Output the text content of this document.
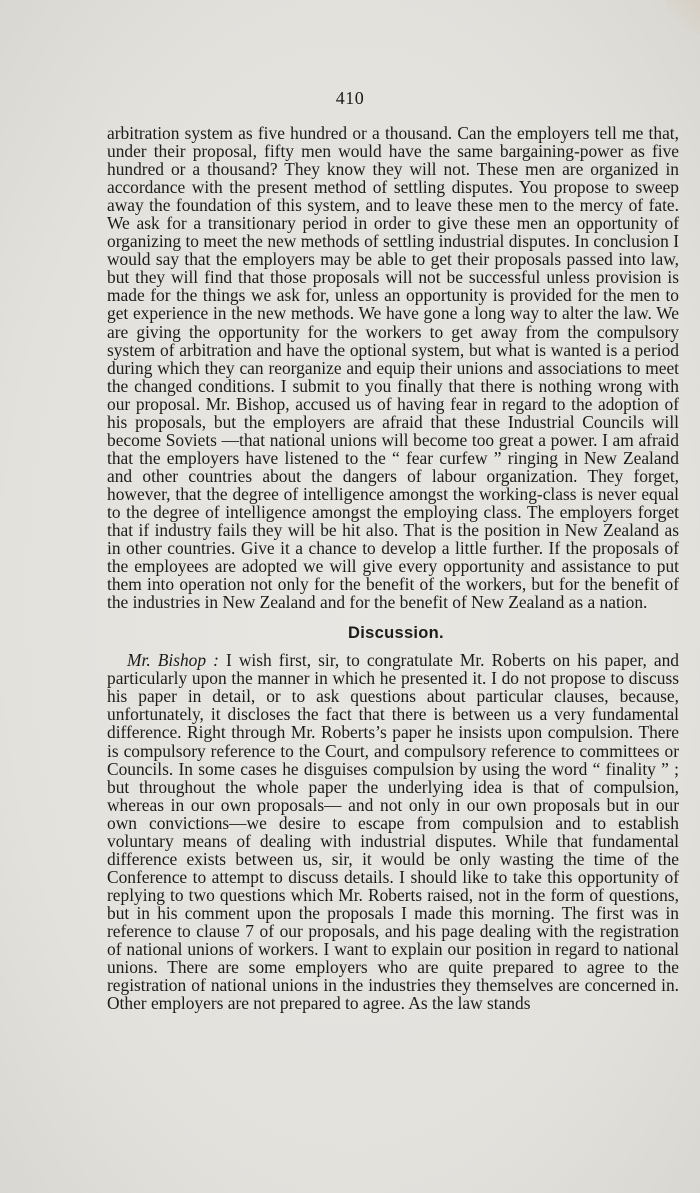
410

arbitration system as five hundred or a thousand. Can the employers tell me that, under their proposal, fifty men would have the same bargaining-power as five hundred or a thousand? They know they will not. These men are organized in accordance with the present method of settling disputes. You propose to sweep away the foundation of this system, and to leave these men to the mercy of fate. We ask for a transitionary period in order to give these men an opportunity of organizing to meet the new methods of settling industrial disputes. In conclusion I would say that the employers may be able to get their proposals passed into law, but they will find that those proposals will not be successful unless provision is made for the things we ask for, unless an opportunity is provided for the men to get experience in the new methods. We have gone a long way to alter the law. We are giving the opportunity for the workers to get away from the compulsory system of arbitration and have the optional system, but what is wanted is a period during which they can reorganize and equip their unions and associations to meet the changed conditions. I submit to you finally that there is nothing wrong with our proposal. Mr. Bishop, accused us of having fear in regard to the adoption of his proposals, but the employers are afraid that these Industrial Councils will become Soviets —that national unions will become too great a power. I am afraid that the employers have listened to the “ fear curfew ” ringing in New Zealand and other countries about the dangers of labour organization. They forget, however, that the degree of intelligence amongst the working-class is never equal to the degree of intelligence amongst the employing class. The employers forget that if industry fails they will be hit also. That is the position in New Zealand as in other countries. Give it a chance to develop a little further. If the proposals of the employees are adopted we will give every opportunity and assistance to put them into operation not only for the benefit of the workers, but for the benefit of the industries in New Zealand and for the benefit of New Zealand as a nation.

Discussion.

Mr. Bishop : I wish first, sir, to congratulate Mr. Roberts on his paper, and particularly upon the manner in which he presented it. I do not propose to discuss his paper in detail, or to ask questions about particular clauses, because, unfortunately, it discloses the fact that there is between us a very fundamental difference. Right through Mr. Roberts’s paper he insists upon compulsion. There is compulsory reference to the Court, and compulsory reference to committees or Councils. In some cases he disguises compulsion by using the word “ finality ” ; but throughout the whole paper the underlying idea is that of compulsion, whereas in our own proposals— and not only in our own proposals but in our own convictions—we desire to escape from compulsion and to establish voluntary means of dealing with industrial disputes. While that fundamental difference exists between us, sir, it would be only wasting the time of the Conference to attempt to discuss details. I should like to take this opportunity of replying to two questions which Mr. Roberts raised, not in the form of questions, but in his comment upon the proposals I made this morning. The first was in reference to clause 7 of our proposals, and his page dealing with the registration of national unions of workers. I want to explain our position in regard to national unions. There are some employers who are quite prepared to agree to the registration of national unions in the industries they themselves are concerned in. Other employers are not prepared to agree. As the law stands
